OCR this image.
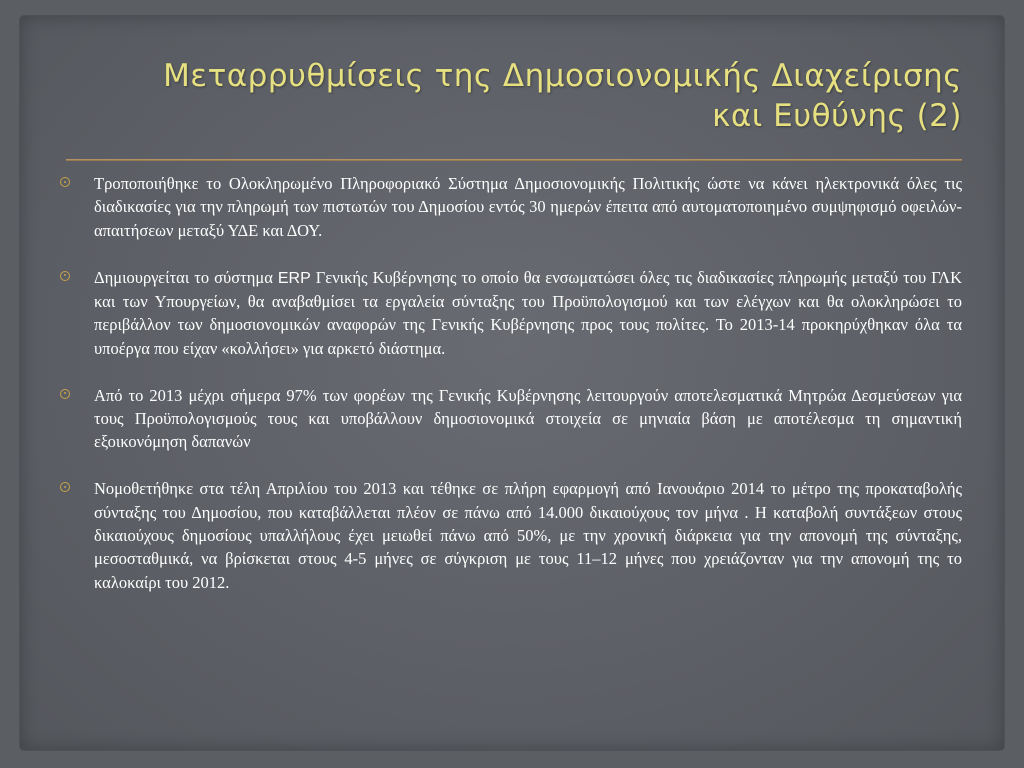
Μεταρρυθμίσεις της Δημοσιονομικής Διαχείρισης
και Ευθύνης (2)
Τροποποιήθηκε το Ολοκληρωμένο Πληροφοριακό Σύστημα Δημοσιονομικής Πολιτικής ώστε να κάνει ηλεκτρονικά όλες τις διαδικασίες για την πληρωμή των πιστωτών του Δημοσίου εντός 30 ημερών έπειτα από αυτοματοποιημένο συμψηφισμό οφειλών-απαιτήσεων μεταξύ ΥΔΕ και ΔΟΥ.
Δημιουργείται το σύστημα ERP Γενικής Κυβέρνησης το οποίο θα ενσωματώσει όλες τις διαδικασίες πληρωμής μεταξύ του ΓΛΚ και των Υπουργείων, θα αναβαθμίσει τα εργαλεία σύνταξης του Προϋπολογισμού και των ελέγχων και θα ολοκληρώσει το περιβάλλον των δημοσιονομικών αναφορών της Γενικής Κυβέρνησης προς τους πολίτες. Το 2013-14 προκηρύχθηκαν όλα τα υποέργα που είχαν «κολλήσει» για αρκετό διάστημα.
Από το 2013 μέχρι σήμερα 97% των φορέων της Γενικής Κυβέρνησης λειτουργούν αποτελεσματικά Μητρώα Δεσμεύσεων για τους Προϋπολογισμούς τους και υποβάλλουν δημοσιονομικά στοιχεία σε μηνιαία βάση με αποτέλεσμα τη σημαντική εξοικονόμηση δαπανών
Νομοθετήθηκε στα τέλη Απριλίου του 2013 και τέθηκε σε πλήρη εφαρμογή από Ιανουάριο 2014 το μέτρο της προκαταβολής σύνταξης του Δημοσίου, που καταβάλλεται πλέον σε πάνω από 14.000 δικαιούχους τον μήνα . Η καταβολή συντάξεων στους δικαιούχους δημοσίους υπαλλήλους έχει μειωθεί πάνω από 50%, με την χρονική διάρκεια για την απονομή της σύνταξης, μεσοσταθμικά, να βρίσκεται στους 4-5 μήνες σε σύγκριση με τους 11–12 μήνες που χρειάζονταν για την απονομή της το καλοκαίρι του 2012.
